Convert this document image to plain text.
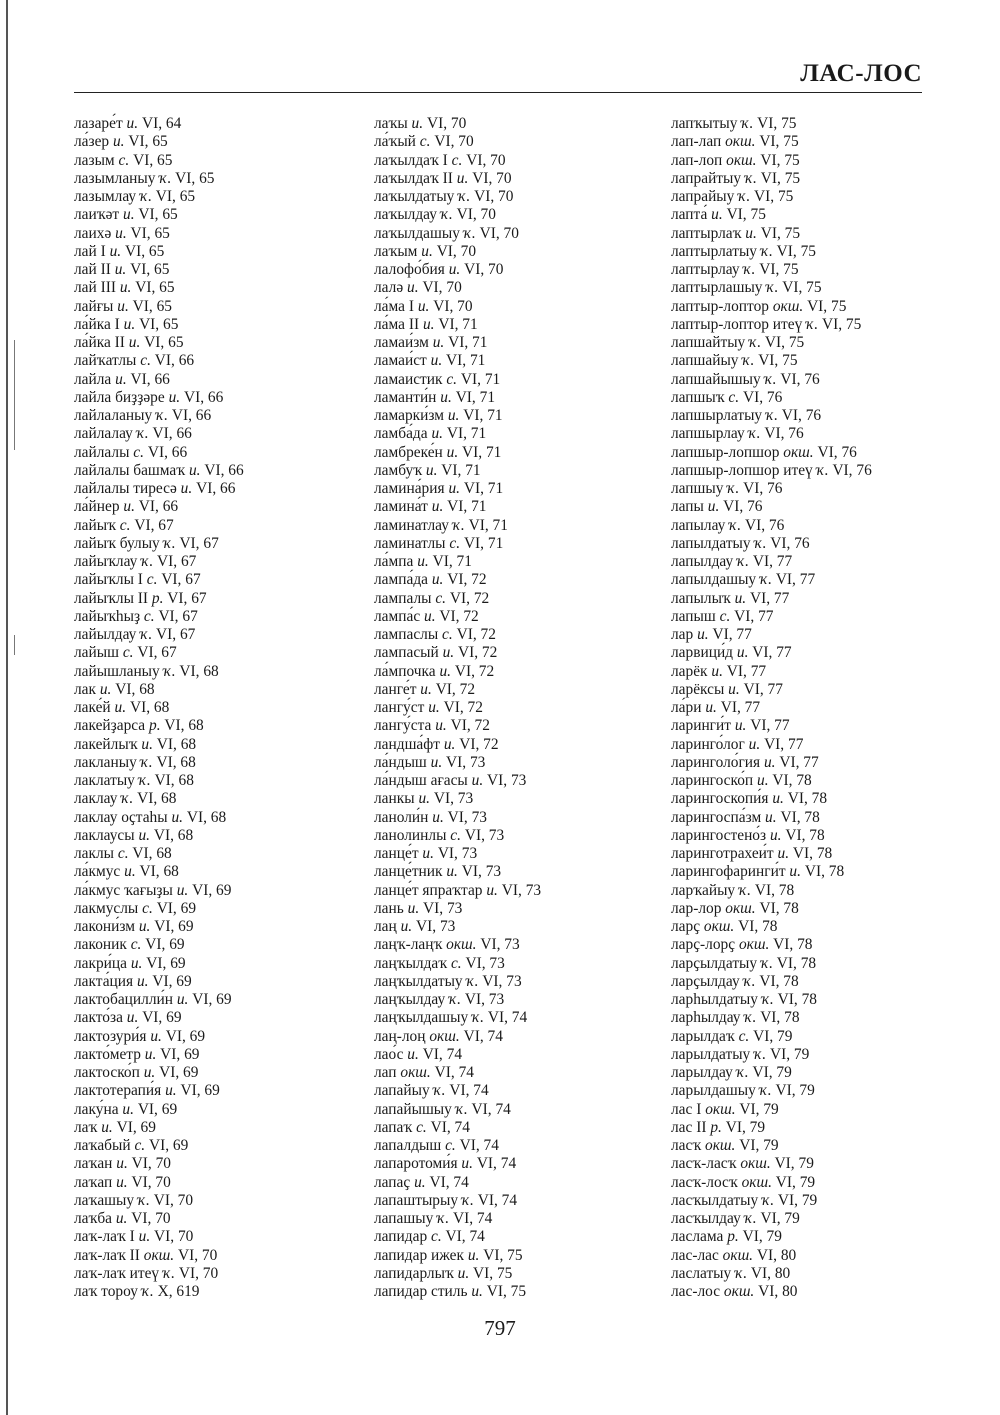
ЛАС-ЛОС
лазаре́т и. VI, 64
ла́зер и. VI, 65
лазым с. VI, 65
лазымланыу ҡ. VI, 65
лазымлау ҡ. VI, 65
лаиҡәт и. VI, 65
лаихә и. VI, 65
лай I и. VI, 65
лай II и. VI, 65
лай III и. VI, 65
лайғы и. VI, 65
ла́йка I и. VI, 65
ла́йка II и. VI, 65
лайҡатлы с. VI, 66
лайла и. VI, 66
лайла биҙҙәре и. VI, 66
лайлаланыу ҡ. VI, 66
лайлалау ҡ. VI, 66
лайлалы с. VI, 66
лайлалы башмаҡ и. VI, 66
лайлалы тиресә и. VI, 66
ла́йнер и. VI, 66
лайыҡ с. VI, 67
лайыҡ булыу ҡ. VI, 67
лайыҡлау ҡ. VI, 67
лайыҡлы I с. VI, 67
лайыҡлы II р. VI, 67
лайыҡһыҙ с. VI, 67
лайылдау ҡ. VI, 67
лайыш с. VI, 67
лайышланыу ҡ. VI, 68
лак и. VI, 68
лаке́й и. VI, 68
лакейҙарса р. VI, 68
лакейлыҡ и. VI, 68
лакланыу ҡ. VI, 68
лаклатыу ҡ. VI, 68
лаклау ҡ. VI, 68
лаклау оҫтаһы и. VI, 68
лаклаусы и. VI, 68
лаклы с. VI, 68
ла́кмус и. VI, 68
ла́кмус ҡағыҙы и. VI, 69
лакмуслы с. VI, 69
лакони́зм и. VI, 69
лаконик с. VI, 69
лакри́ца и. VI, 69
лакта́ция и. VI, 69
лактобацилли́н и. VI, 69
лакто́за и. VI, 69
лактозури́я и. VI, 69
лакто́метр и. VI, 69
лактоско́п и. VI, 69
лактотерапи́я и. VI, 69
лаку́на и. VI, 69
лаҡ и. VI, 69
лаҡабый с. VI, 69
лаҡан и. VI, 70
лаҡап и. VI, 70
лаҡашыу ҡ. VI, 70
лаҡба и. VI, 70
лаҡ-лаҡ I и. VI, 70
лаҡ-лаҡ II окш. VI, 70
лаҡ-лаҡ итеү ҡ. VI, 70
лаҡ тороу ҡ. X, 619
лаҡы и. VI, 70
ла́ҡый с. VI, 70
лаҡылдаҡ I с. VI, 70
лаҡылдаҡ II и. VI, 70
лаҡылдатыу ҡ. VI, 70
лаҡылдау ҡ. VI, 70
лаҡылдашыу ҡ. VI, 70
лаҡым и. VI, 70
лалофо́бия и. VI, 70
лалә и. VI, 70
ла́ма I и. VI, 70
ла́ма II и. VI, 71
ламаи́зм и. VI, 71
ламаи́ст и. VI, 71
ламаистик с. VI, 71
ламанти́н и. VI, 71
ламарки́зм и. VI, 71
ламба́да и. VI, 71
ламбреке́н и. VI, 71
ламбуҡ и. VI, 71
ламина́рия и. VI, 71
ламина́т и. VI, 71
ламинатлау ҡ. VI, 71
ламинатлы с. VI, 71
ла́мпа и. VI, 71
лампа́да и. VI, 72
лампалы с. VI, 72
лампа́с и. VI, 72
лампаслы с. VI, 72
лампасый и. VI, 72
ла́мпочка и. VI, 72
ланге́т и. VI, 72
лангу́ст и. VI, 72
лангу́ста и. VI, 72
ландша́фт и. VI, 72
ла́ндыш и. VI, 73
ла́ндыш ағасы и. VI, 73
ланкы и. VI, 73
ланоли́н и. VI, 73
ланолинлы с. VI, 73
ланце́т и. VI, 73
ланце́тник и. VI, 73
ланце́т япраҡтар и. VI, 73
лань и. VI, 73
лаң и. VI, 73
лаңҡ-лаңҡ окш. VI, 73
лаңҡылдаҡ с. VI, 73
лаңҡылдатыу ҡ. VI, 73
лаңҡылдау ҡ. VI, 73
лаңҡылдашыу ҡ. VI, 74
лаң-лоң окш. VI, 74
лао́с и. VI, 74
лап окш. VI, 74
лапайыу ҡ. VI, 74
лапайышыу ҡ. VI, 74
лапаҡ с. VI, 74
лапалдыш с. VI, 74
лапаротоми́я и. VI, 74
лапаҫ и. VI, 74
лапаштырыу ҡ. VI, 74
лапашыу ҡ. VI, 74
лапидар с. VI, 74
лапидар ижек и. VI, 75
лапидарлыҡ и. VI, 75
лапидар стиль и. VI, 75
лапҡытыу ҡ. VI, 75
лап-лап окш. VI, 75
лап-лоп окш. VI, 75
лапрайтыу ҡ. VI, 75
лапрайыу ҡ. VI, 75
лапта́ и. VI, 75
лаптырлаҡ и. VI, 75
лаптырлатыу ҡ. VI, 75
лаптырлау ҡ. VI, 75
лаптырлашыу ҡ. VI, 75
лаптыр-лоптор окш. VI, 75
лаптыр-лоптор итеү ҡ. VI, 75
лапшайтыу ҡ. VI, 75
лапшайыу ҡ. VI, 75
лапшайышыу ҡ. VI, 76
лапшыҡ с. VI, 76
лапшырлатыу ҡ. VI, 76
лапшырлау ҡ. VI, 76
лапшыр-лопшор окш. VI, 76
лапшыр-лопшор итеү ҡ. VI, 76
лапшыу ҡ. VI, 76
лапы и. VI, 76
лапылау ҡ. VI, 76
лапылдатыу ҡ. VI, 76
лапылдау ҡ. VI, 77
лапылдашыу ҡ. VI, 77
лапылыҡ и. VI, 77
лапыш с. VI, 77
лар и. VI, 77
ларвици́д и. VI, 77
ларёк и. VI, 77
ларёксы и. VI, 77
ла́ри и. VI, 77
ларинги́т и. VI, 77
ларинго́лог и. VI, 77
ларинголо́гия и. VI, 77
ларингоско́п и. VI, 78
ларингоскопи́я и. VI, 78
ларингоспа́зм и. VI, 78
ларингостено́з и. VI, 78
ларинготрахеи́т и. VI, 78
ларингофаринги́т и. VI, 78
ларҡайыу ҡ. VI, 78
лар-лор окш. VI, 78
ларҫ окш. VI, 78
ларҫ-лорҫ окш. VI, 78
ларҫылдатыу ҡ. VI, 78
ларҫылдау ҡ. VI, 78
ларһылдатыу ҡ. VI, 78
ларһылдау ҡ. VI, 78
ларылдаҡ с. VI, 79
ларылдатыу ҡ. VI, 79
ларылдау ҡ. VI, 79
ларылдашыу ҡ. VI, 79
лас I окш. VI, 79
лас II р. VI, 79
ласҡ окш. VI, 79
ласҡ-ласҡ окш. VI, 79
ласҡ-лосҡ окш. VI, 79
ласҡылдатыу ҡ. VI, 79
ласҡылдау ҡ. VI, 79
ласлама р. VI, 79
лас-лас окш. VI, 80
ласлатыу ҡ. VI, 80
лас-лос окш. VI, 80
797
